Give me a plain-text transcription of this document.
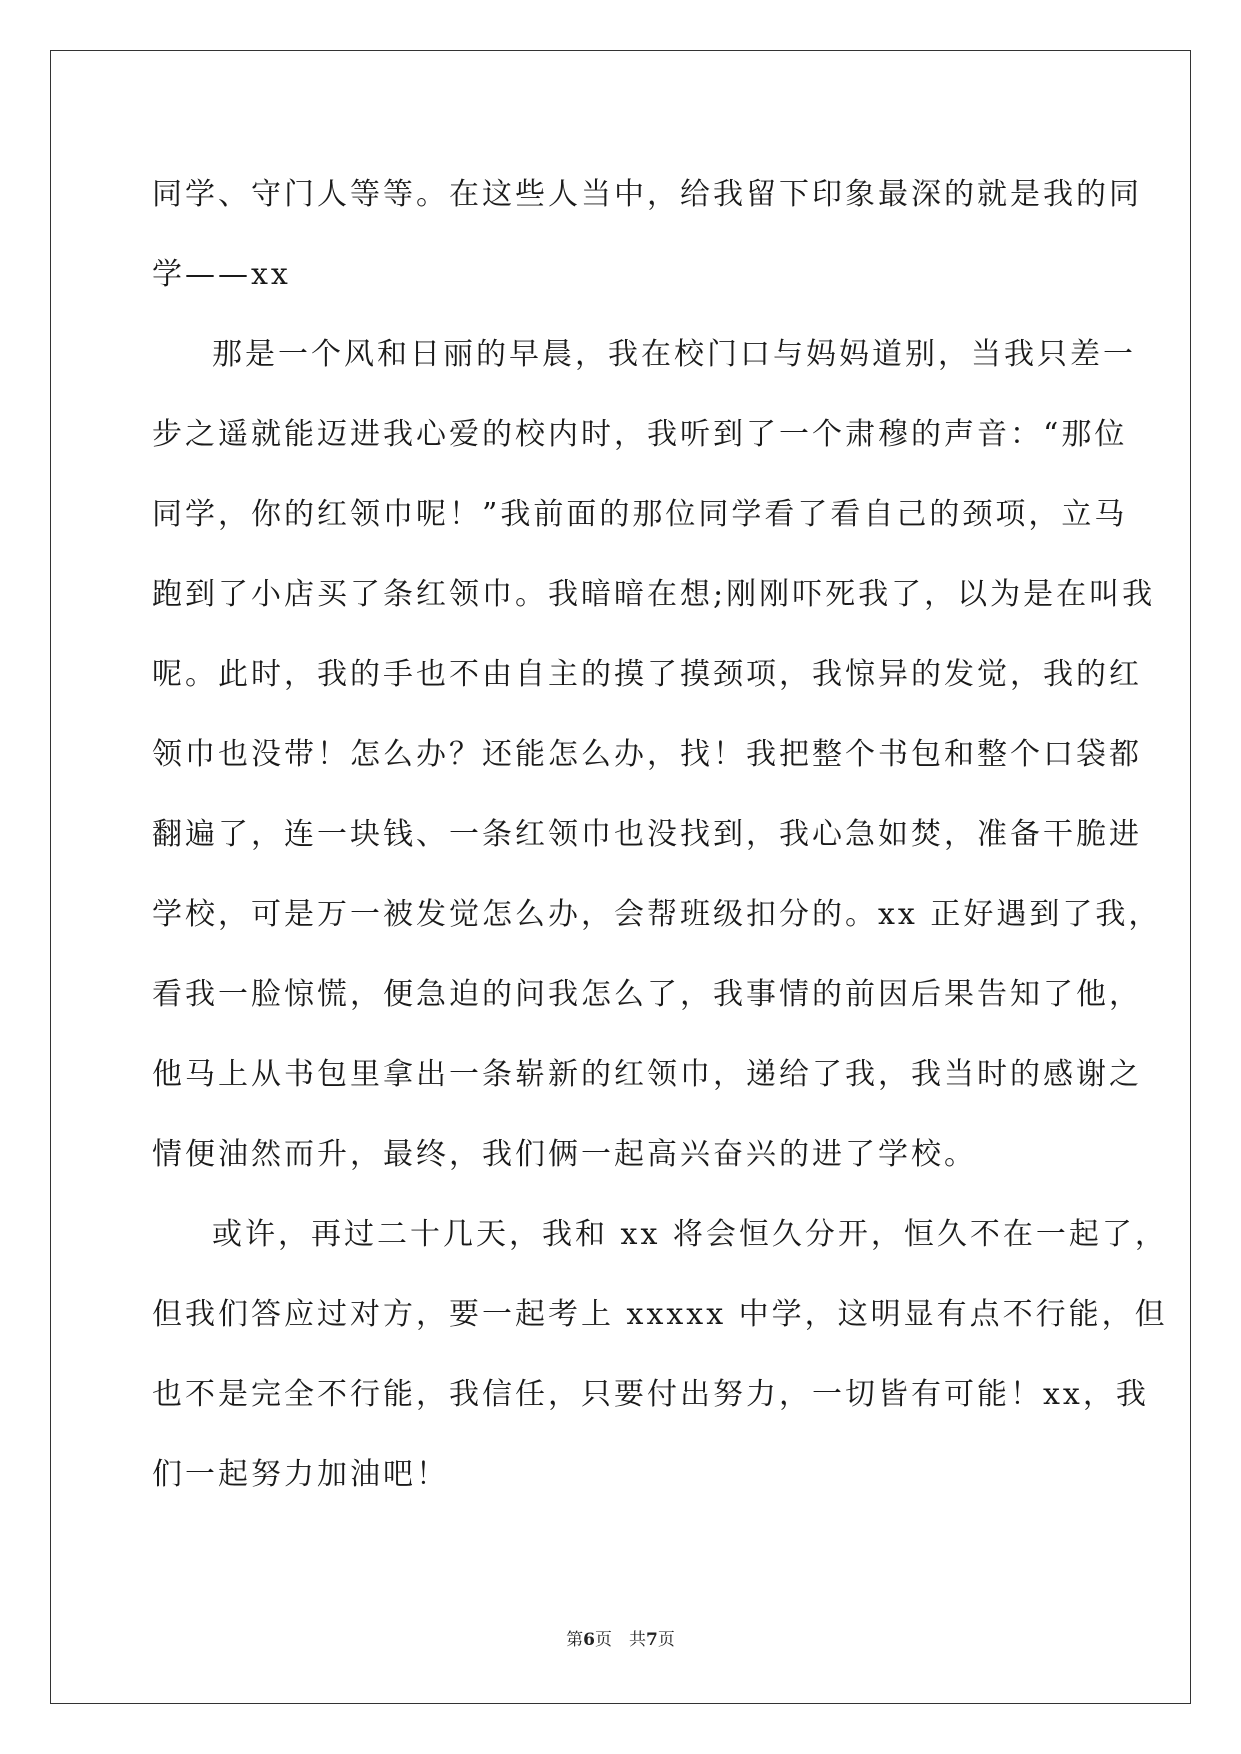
同学、守门人等等。在这些人当中，给我留下印象最深的就是我的同
学——xx
那是一个风和日丽的早晨，我在校门口与妈妈道别，当我只差一
步之遥就能迈进我心爱的校内时，我听到了一个肃穆的声音：“那位
同学，你的红领巾呢！”我前面的那位同学看了看自己的颈项，立马
跑到了小店买了条红领巾。我暗暗在想;刚刚吓死我了，以为是在叫我
呢。此时，我的手也不由自主的摸了摸颈项，我惊异的发觉，我的红
领巾也没带！怎么办？还能怎么办，找！我把整个书包和整个口袋都
翻遍了，连一块钱、一条红领巾也没找到，我心急如焚，准备干脆进
学校，可是万一被发觉怎么办，会帮班级扣分的。xx 正好遇到了我，
看我一脸惊慌，便急迫的问我怎么了，我事情的前因后果告知了他，
他马上从书包里拿出一条崭新的红领巾，递给了我，我当时的感谢之
情便油然而升，最终，我们俩一起高兴奋兴的进了学校。
或许，再过二十几天，我和 xx 将会恒久分开，恒久不在一起了，
但我们答应过对方，要一起考上 xxxxx 中学，这明显有点不行能，但
也不是完全不行能，我信任，只要付出努力，一切皆有可能！xx，我
们一起努力加油吧！
第6页　共7页
